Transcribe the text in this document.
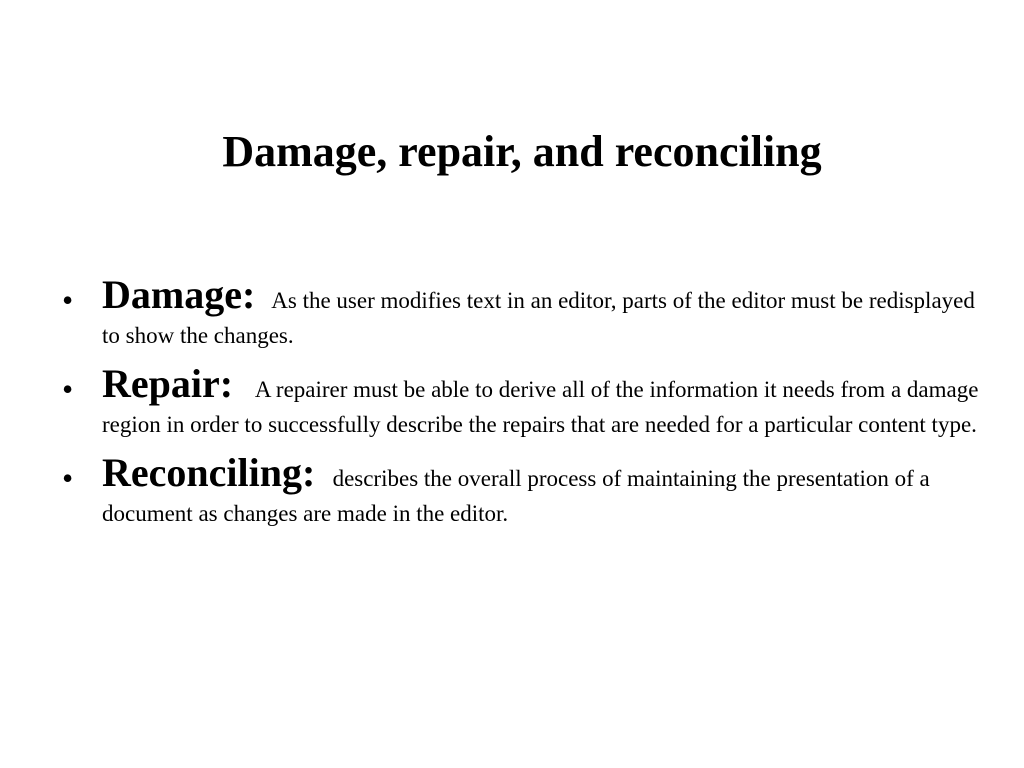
Damage, repair, and reconciling
• Damage: As the user modifies text in an editor, parts of the editor must be redisplayed to show the changes.
• Repair: A repairer must be able to derive all of the information it needs from a damage region in order to successfully describe the repairs that are needed for a particular content type.
• Reconciling: describes the overall process of maintaining the presentation of a document as changes are made in the editor.
